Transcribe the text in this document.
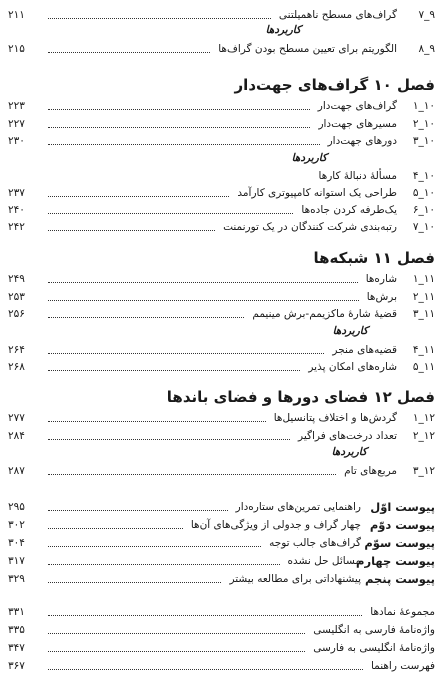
۷_۹
گراف‌های مسطح ناهمیلتنی
۲۱۱
کاربردها
۸_۹
الگوریتم برای تعیین مسطح بودن گراف‌ها
۲۱۵
فصل ۱۰ گراف‌های جهت‌دار
۱_۱۰
گراف‌های جهت‌دار
۲۲۳
۲_۱۰
مسیرهای جهت‌دار
۲۲۷
۳_۱۰
دورهای جهت‌دار
۲۳۰
کاربردها
۴_۱۰
مسألهٔ دنبالهٔ کارها
۵_۱۰
طراحی یک استوانه کامپیوتری کارآمد
۲۳۷
۶_۱۰
یک‌طرفه کردن جاده‌ها
۲۴۰
۷_۱۰
رتبه‌بندی شرکت کنندگان در یک تورنمنت
۲۴۲
فصل ۱۱ شبکه‌ها
۱_۱۱
شاره‌ها
۲۴۹
۲_۱۱
برش‌ها
۲۵۳
۳_۱۱
قضیهٔ شارهٔ ماکزیمم-برش مینیمم
۲۵۶
کاربردها
۴_۱۱
قضیه‌های منجر
۲۶۴
۵_۱۱
شاره‌های امکان پذیر
۲۶۸
فصل ۱۲ فضای دورها و فضای باندها
۱_۱۲
گردش‌ها و اختلاف پتانسیل‌ها
۲۷۷
۲_۱۲
تعداد درخت‌های فراگیر
۲۸۴
کاربردها
۳_۱۲
مربع‌های تام
۲۸۷
پیوست اوّل
راهنمایی تمرین‌های ستاره‌دار
۲۹۵
پیوست دوّم
چهار گراف و جدولی از ویژگی‌های آن‌ها
۳۰۲
پیوست سوّم
گراف‌های جالب توجه
۳۰۴
پیوست چهارم
مسائل حل نشده
۳۱۷
پیوست پنجم
پیشنهاداتی برای مطالعه بیشتر
۳۲۹
مجموعهٔ نمادها
۳۳۱
واژه‌نامهٔ فارسی به انگلیسی
۳۳۵
واژه‌نامهٔ انگلیسی به فارسی
۳۴۷
فهرست راهنما
۳۶۷
